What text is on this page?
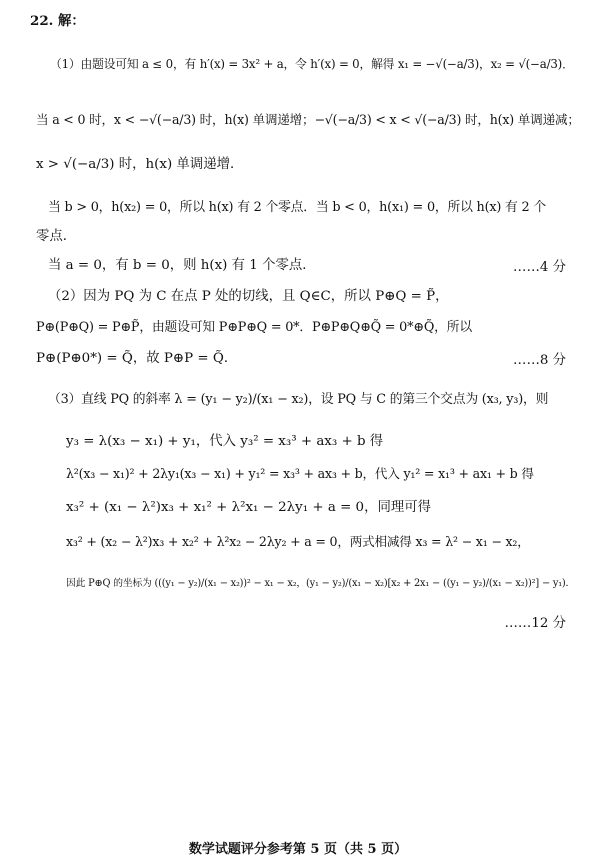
22. 解：
（1）由题设可知 a ≤ 0，有 h′(x) = 3x² + a，令 h′(x) = 0，解得 x₁ = −√(−a/3)，x₂ = √(−a/3)．
当 a < 0 时，x < −√(−a/3) 时，h(x) 单调递增；−√(−a/3) < x < √(−a/3) 时，h(x) 单调递减；
x > √(−a/3) 时，h(x) 单调递增．
当 b > 0，h(x₂) = 0，所以 h(x) 有 2 个零点．当 b < 0，h(x₁) = 0，所以 h(x) 有 2 个
零点．
当 a = 0，有 b = 0，则 h(x) 有 1 个零点．	……4 分
（2）因为 PQ 为 C 在点 P 处的切线，且 Q∈C，所以 P⊕Q = P̃，
P⊕(P⊕Q) = P⊕P̃，由题设可知 P⊕P⊕Q = 0*．P⊕P⊕Q⊕Q̃ = 0*⊕Q̃，所以
P⊕(P⊕0*) = Q̃，故 P⊕P = Q̃．	……8 分
（3）直线 PQ 的斜率 λ = (y₁ − y₂)/(x₁ − x₂)，设 PQ 与 C 的第三个交点为 (x₃, y₃)，则
y₃ = λ(x₃ − x₁) + y₁，代入 y₃² = x₃³ + ax₃ + b 得
λ²(x₃ − x₁)² + 2λy₁(x₃ − x₁) + y₁² = x₃³ + ax₃ + b，代入 y₁² = x₁³ + ax₁ + b 得
x₃² + (x₁ − λ²)x₃ + x₁² + λ²x₁ − 2λy₁ + a = 0，同理可得
x₃² + (x₂ − λ²)x₃ + x₂² + λ²x₂ − 2λy₂ + a = 0，两式相减得 x₃ = λ² − x₁ − x₂，
因此 P⊕Q 的坐标为 (((y₁ − y₂)/(x₁ − x₂))² − x₁ − x₂，(y₁ − y₂)/(x₁ − x₂)[x₂ + 2x₁ − ((y₁ − y₂)/(x₁ − x₂))²] − y₁)．
……12 分
数学试题评分参考第 5 页（共 5 页）
